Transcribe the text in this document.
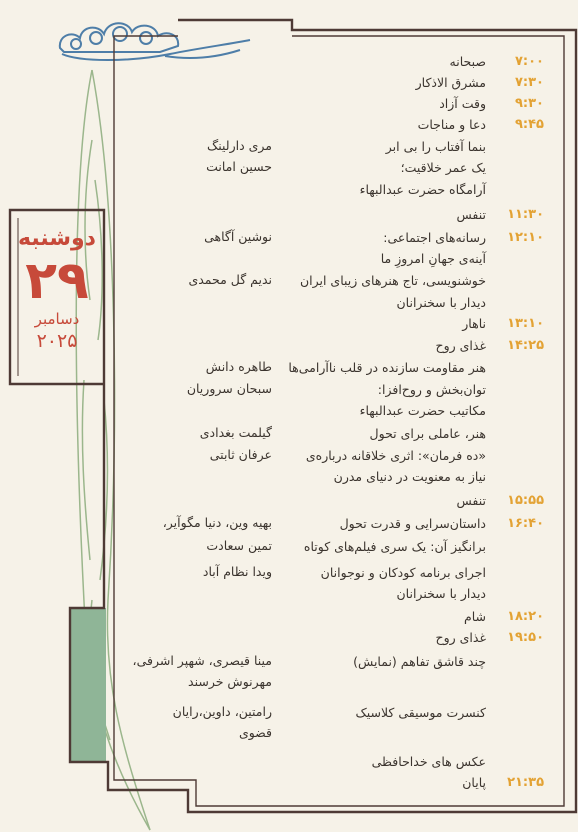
دوشنبه
۲۹
دسامبر
۲۰۲۵
۷:۰۰
صبحانه
۷:۳۰
مشرق الاذکار
۹:۳۰
وقت آزاد
۹:۴۵
دعا و مناجات
بنما آفتاب را بی ابر
مری دارلینگ
یک عمر خلاقیت؛
حسین امانت
آرامگاه حضرت عبدالبهاء
۱۱:۳۰
تنفس
۱۲:۱۰
رسانه‌های اجتماعی:
نوشین آگاهی
آینه‌ی جهانِ امروزِ ما
خوشنویسی، تاج هنرهای زیبای ایران
ندیم گل محمدی
دیدار با سخنرانان
۱۳:۱۰
ناهار
۱۴:۲۵
غذای روح
هنر مقاومت سازنده در قلب ناآرامی‌ها
طاهره دانش
توان‌بخش و روح‌افزا:
سبحان سروریان
مکاتیب حضرت عبدالبهاء
هنر، عاملی برای تحول
گیلمت بغدادی
«ده فرمان»: اثری خلاقانه درباره‌ی
عرفان ثابتی
نیاز به معنویت در دنیای مدرن
۱۵:۵۵
تنفس
۱۶:۴۰
داستان‌سرایی و قدرت تحول
بهیه وین، دنیا مگوآیر،
برانگیز آن: یک سری فیلم‌های کوتاه
تمین سعادت
اجرای برنامه کودکان و نوجوانان
ویدا نظام آباد
دیدار با سخنرانان
۱۸:۲۰
شام
۱۹:۵۰
غذای روح
چند قاشق تفاهم (نمایش)
مینا قیصری، شهپر اشرفی،
مهرنوش خرسند
کنسرت موسیقی کلاسیک
رامتین، داوین،رایان
قضوی
عکس های خداحافظی
۲۱:۳۵
پایان
